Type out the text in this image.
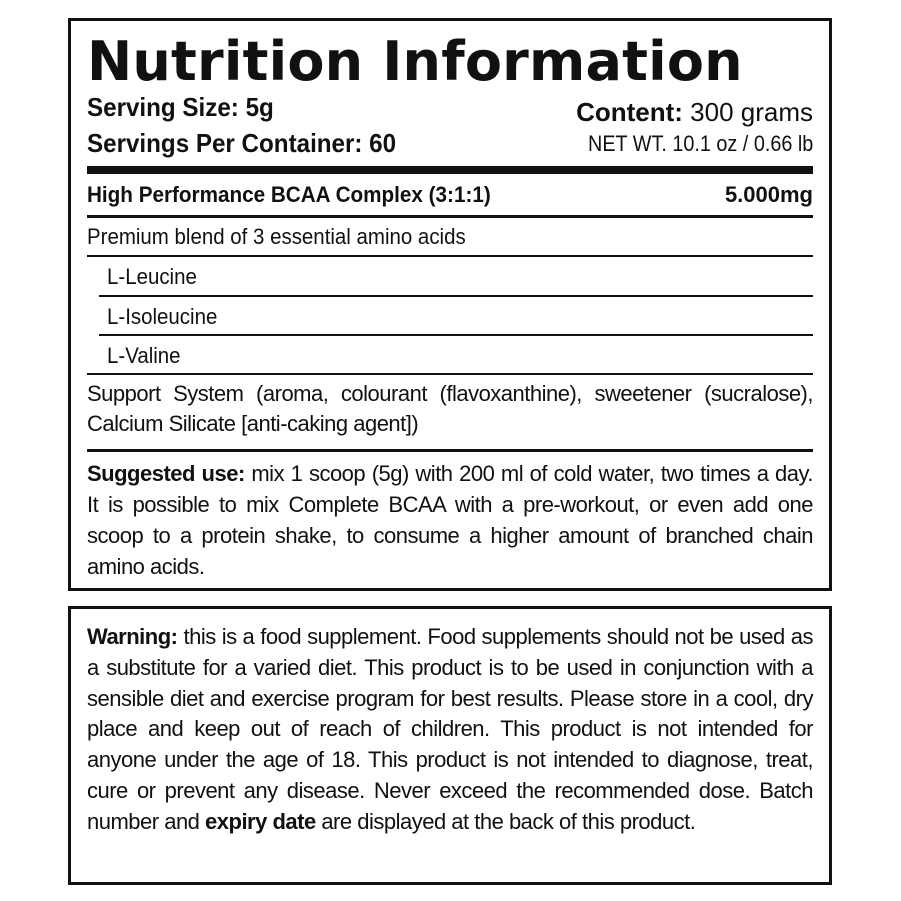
Nutrition Information
Serving Size: 5g
Servings Per Container: 60
Content: 300 grams
NET WT. 10.1 oz / 0.66 lb
High Performance BCAA Complex (3:1:1)	5.000mg
Premium blend of 3 essential amino acids
L-Leucine
L-Isoleucine
L-Valine
Support System (aroma, colourant (flavoxanthine), sweetener (sucralose), Calcium Silicate [anti-caking agent])
Suggested use: mix 1 scoop (5g) with 200 ml of cold water, two times a day. It is possible to mix Complete BCAA with a pre-workout, or even add one scoop to a protein shake, to consume a higher amount of branched chain amino acids.
Warning: this is a food supplement. Food supplements should not be used as a substitute for a varied diet. This product is to be used in conjunction with a sensible diet and exercise program for best results. Please store in a cool, dry place and keep out of reach of children. This product is not intended for anyone under the age of 18. This product is not intended to diagnose, treat, cure or prevent any disease. Never exceed the recommended dose. Batch number and expiry date are displayed at the back of this product.
